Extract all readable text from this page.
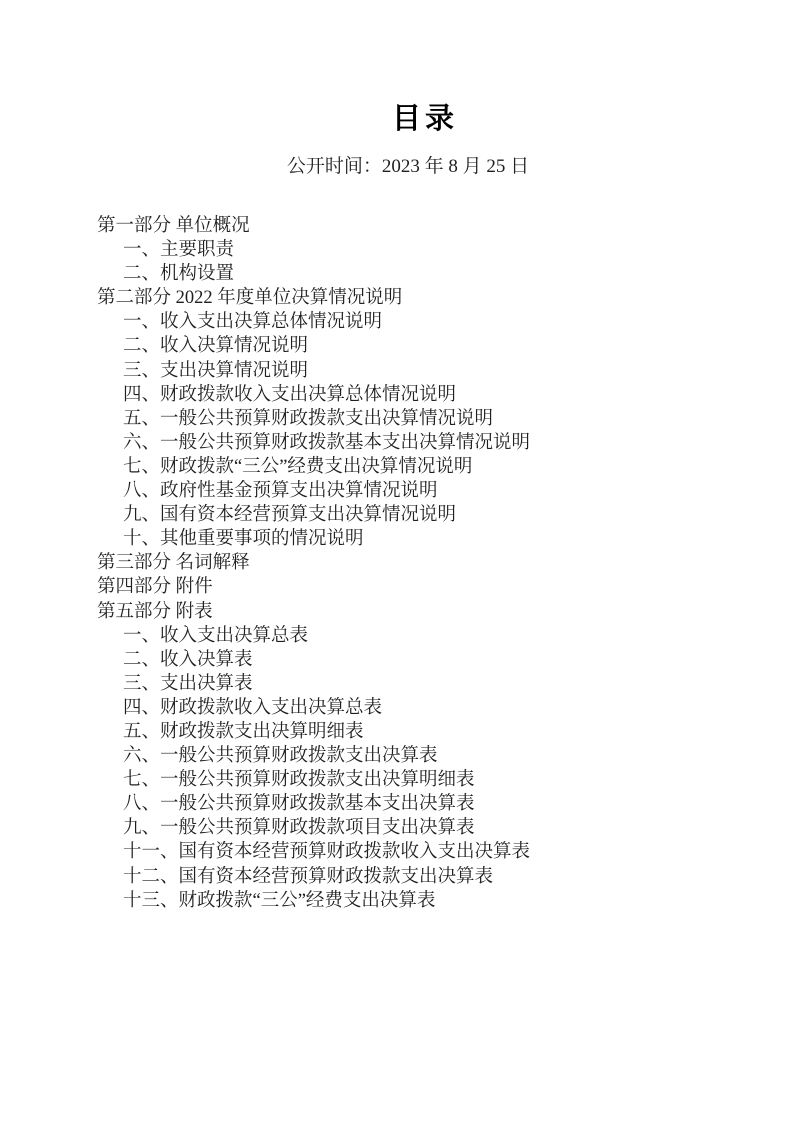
目录
公开时间：2023 年 8 月 25 日
第一部分 单位概况
一、主要职责
二、机构设置
第二部分 2022 年度单位决算情况说明
一、收入支出决算总体情况说明
二、收入决算情况说明
三、支出决算情况说明
四、财政拨款收入支出决算总体情况说明
五、一般公共预算财政拨款支出决算情况说明
六、一般公共预算财政拨款基本支出决算情况说明
七、财政拨款“三公”经费支出决算情况说明
八、政府性基金预算支出决算情况说明
九、国有资本经营预算支出决算情况说明
十、其他重要事项的情况说明
第三部分 名词解释
第四部分 附件
第五部分 附表
一、收入支出决算总表
二、收入决算表
三、支出决算表
四、财政拨款收入支出决算总表
五、财政拨款支出决算明细表
六、一般公共预算财政拨款支出决算表
七、一般公共预算财政拨款支出决算明细表
八、一般公共预算财政拨款基本支出决算表
九、一般公共预算财政拨款项目支出决算表
十一、国有资本经营预算财政拨款收入支出决算表
十二、国有资本经营预算财政拨款支出决算表
十三、财政拨款“三公”经费支出决算表
